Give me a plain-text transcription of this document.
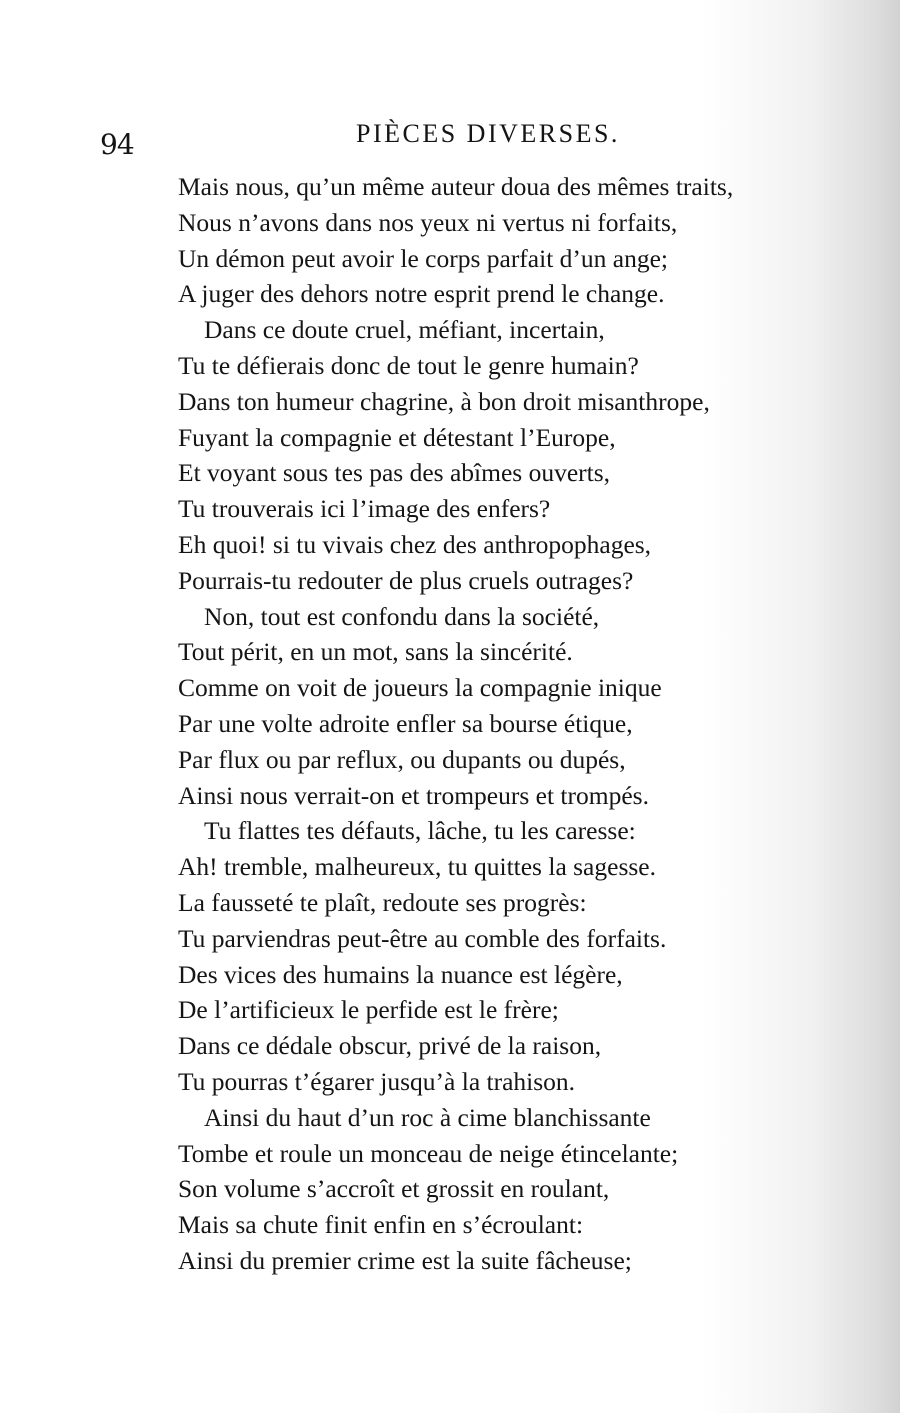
94	PIÈCES DIVERSES.
Mais nous, qu’un même auteur doua des mêmes traits,
Nous n’avons dans nos yeux ni vertus ni forfaits,
Un démon peut avoir le corps parfait d’un ange;
A juger des dehors notre esprit prend le change.
Dans ce doute cruel, méfiant, incertain,
Tu te défierais donc de tout le genre humain?
Dans ton humeur chagrine, à bon droit misanthrope,
Fuyant la compagnie et détestant l’Europe,
Et voyant sous tes pas des abîmes ouverts,
Tu trouverais ici l’image des enfers?
Eh quoi! si tu vivais chez des anthropophages,
Pourrais-tu redouter de plus cruels outrages?
Non, tout est confondu dans la société,
Tout périt, en un mot, sans la sincérité.
Comme on voit de joueurs la compagnie inique
Par une volte adroite enfler sa bourse étique,
Par flux ou par reflux, ou dupants ou dupés,
Ainsi nous verrait-on et trompeurs et trompés.
Tu flattes tes défauts, lâche, tu les caresse:
Ah! tremble, malheureux, tu quittes la sagesse.
La fausseté te plaît, redoute ses progrès:
Tu parviendras peut-être au comble des forfaits.
Des vices des humains la nuance est légère,
De l’artificieux le perfide est le frère;
Dans ce dédale obscur, privé de la raison,
Tu pourras t’égarer jusqu’à la trahison.
Ainsi du haut d’un roc à cime blanchissante
Tombe et roule un monceau de neige étincelante;
Son volume s’accroît et grossit en roulant,
Mais sa chute finit enfin en s’écroulant:
Ainsi du premier crime est la suite fâcheuse;
